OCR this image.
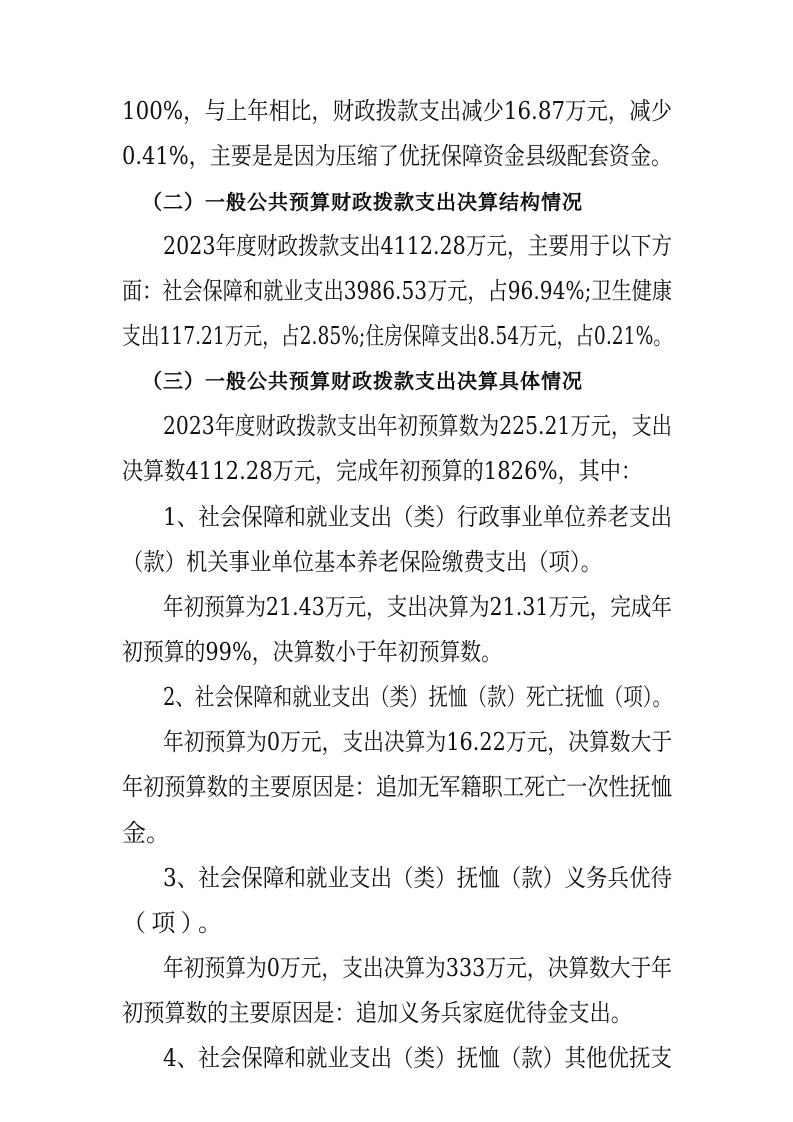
100%，与上年相比，财政拨款支出减少16.87万元，减少
0.41%，主要是是因为压缩了优抚保障资金县级配套资金。
（二）一般公共预算财政拨款支出决算结构情况
2023年度财政拨款支出4112.28万元，主要用于以下方
面：社会保障和就业支出3986.53万元，占96.94%;卫生健康
支出117.21万元，占2.85%;住房保障支出8.54万元，占0.21%。
（三）一般公共预算财政拨款支出决算具体情况
2023年度财政拨款支出年初预算数为225.21万元，支出
决算数4112.28万元，完成年初预算的1826%，其中：
1、社会保障和就业支出（类）行政事业单位养老支出
（款）机关事业单位基本养老保险缴费支出（项）。
年初预算为21.43万元，支出决算为21.31万元，完成年
初预算的99%，决算数小于年初预算数。
2、社会保障和就业支出（类）抚恤（款）死亡抚恤（项）。
年初预算为0万元，支出决算为16.22万元，决算数大于
年初预算数的主要原因是：追加无军籍职工死亡一次性抚恤
金。
3、社会保障和就业支出（类）抚恤（款）义务兵优待
（项）。
年初预算为0万元，支出决算为333万元，决算数大于年
初预算数的主要原因是：追加义务兵家庭优待金支出。
4、社会保障和就业支出（类）抚恤（款）其他优抚支
